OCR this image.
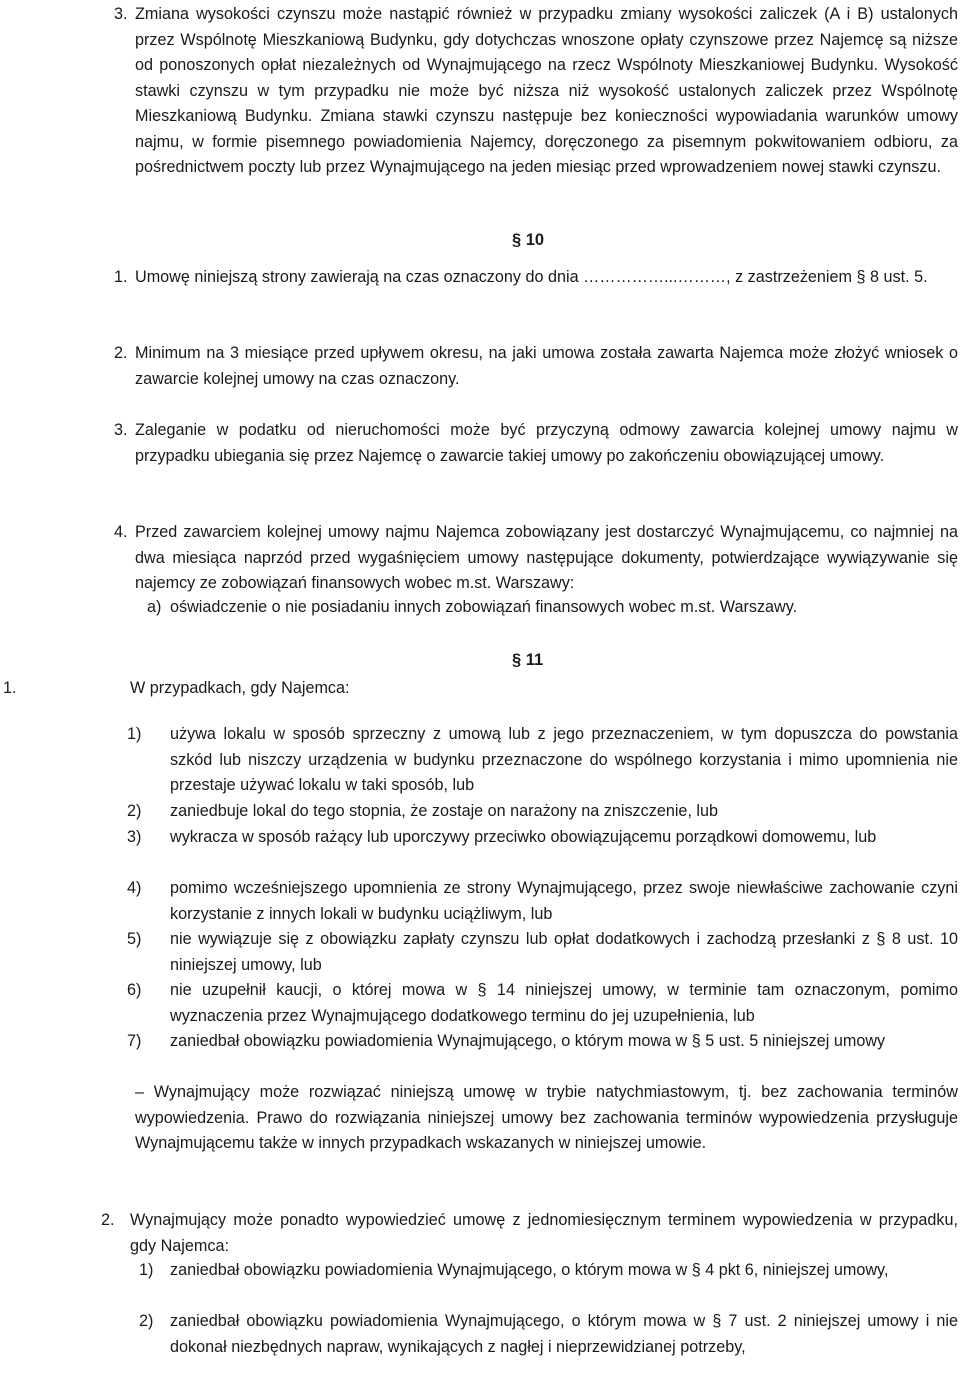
3. Zmiana wysokości czynszu może nastąpić również w przypadku zmiany wysokości zaliczek (A i B) ustalonych przez Wspólnotę Mieszkaniową Budynku, gdy dotychczas wnoszone opłaty czynszowe przez Najemcę są niższe od ponoszonych opłat niezależnych od Wynajmującego na rzecz Wspólnoty Mieszkaniowej Budynku. Wysokość stawki czynszu w tym przypadku nie może być niższa niż wysokość ustalonych zaliczek przez Wspólnotę Mieszkaniową Budynku. Zmiana stawki czynszu następuje bez konieczności wypowiadania warunków umowy najmu, w formie pisemnego powiadomienia Najemcy, doręczonego za pisemnym pokwitowaniem odbioru, za pośrednictwem poczty lub przez Wynajmującego na jeden miesiąc przed wprowadzeniem nowej stawki czynszu.

§ 10
1. Umowę niniejszą strony zawierają na czas oznaczony do dnia ……………...………, z zastrzeżeniem § 8 ust. 5.

2. Minimum na 3 miesiące przed upływem okresu, na jaki umowa została zawarta Najemca może złożyć wniosek o zawarcie kolejnej umowy na czas oznaczony.

3. Zaleganie w podatku od nieruchomości może być przyczyną odmowy zawarcia kolejnej umowy najmu w przypadku ubiegania się przez Najemcę o zawarcie takiej umowy po zakończeniu obowiązującej umowy.

4. Przed zawarciem kolejnej umowy najmu Najemca zobowiązany jest dostarczyć Wynajmującemu, co najmniej na dwa miesiąca naprzód przed wygaśnięciem umowy następujące dokumenty, potwierdzające wywiązywanie się najemcy ze zobowiązań finansowych wobec m.st. Warszawy:

a) oświadczenie o nie posiadaniu innych zobowiązań finansowych wobec m.st. Warszawy.

§ 11
1.	W przypadkach, gdy Najemca:

1) używa lokalu w sposób sprzeczny z umową lub z jego przeznaczeniem, w tym dopuszcza do powstania szkód lub niszczy urządzenia w budynku przeznaczone do wspólnego korzystania i mimo upomnienia nie przestaje używać lokalu w taki sposób, lub

2) zaniedbuje lokal do tego stopnia, że zostaje on narażony na zniszczenie, lub

3) wykracza w sposób rażący lub uporczywy przeciwko obowiązującemu porządkowi domowemu, lub

4) pomimo wcześniejszego upomnienia ze strony Wynajmującego, przez swoje niewłaściwe zachowanie czyni korzystanie z innych lokali w budynku uciążliwym, lub

5) nie wywiązuje się z obowiązku zapłaty czynszu lub opłat dodatkowych i zachodzą przesłanki z § 8 ust. 10 niniejszej umowy, lub

6) nie uzupełnił kaucji, o której mowa w § 14 niniejszej umowy, w terminie tam oznaczonym, pomimo wyznaczenia przez Wynajmującego dodatkowego terminu do jej uzupełnienia, lub

7) zaniedbał obowiązku powiadomienia Wynajmującego, o którym mowa w § 5 ust. 5 niniejszej umowy

– Wynajmujący może rozwiązać niniejszą umowę w trybie natychmiastowym, tj. bez zachowania terminów wypowiedzenia. Prawo do rozwiązania niniejszej umowy bez zachowania terminów wypowiedzenia przysługuje Wynajmującemu także w innych przypadkach wskazanych w niniejszej umowie.

2. Wynajmujący może ponadto wypowiedzieć umowę z jednomiesięcznym terminem wypowiedzenia w przypadku, gdy Najemca:

1) zaniedbał obowiązku powiadomienia Wynajmującego, o którym mowa w § 4 pkt 6, niniejszej umowy,

2) zaniedbał obowiązku powiadomienia Wynajmującego, o którym mowa w § 7 ust. 2 niniejszej umowy i nie dokonał niezbędnych napraw, wynikających z nagłej i nieprzewidzianej potrzeby,
